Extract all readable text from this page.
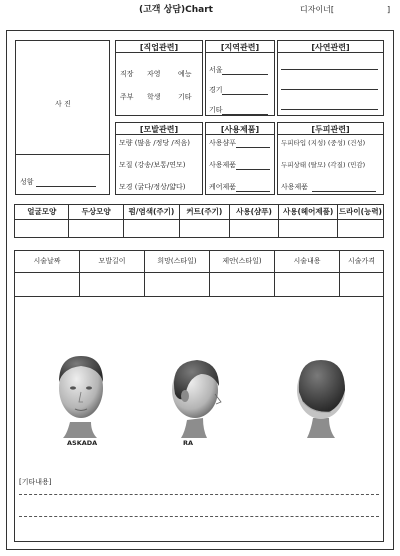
(고객 상담)Chart	디자이너[	]
사 진
성함
[직업관련]
직장 자영 예능
주부 학생 기타
[지역관련]
서울
경기
기타
[사연관련]
[모발관련]
모량 (많음 /정당 /적음)
모질 (강송/보통/연모)
모경 (굵다/정상/얇다)
[사용제품]
사용샴푸
사용제품
케어제품
[두피관련]
두피타입 (지성) (중성) (건성)
두피상태 (탈모) (각질) (민감)
사용제품
얼굴모양	두상모양	펌/염색(주기)	커트(주기)	사용(샴푸)	사용(헤어제품)	드라이(능력)

시술날짜	모발길이	희망(스타일)	제안(스타일)	시술내용	시술가격

ASKADA	RA
[기타내용]
